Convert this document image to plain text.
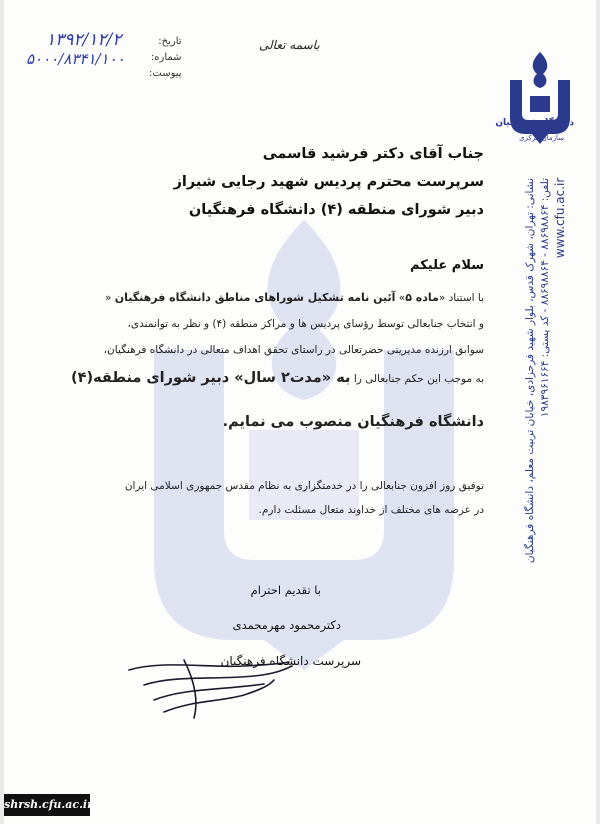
تاریخ:
شماره:
پیوست:
۱۳۹۲/۱۲/۲
۵۰۰۰/۸۳۴۱/۱۰۰
باسمه تعالی
دانشگاه فرهنگیان
سازمان مرکزی
نشانی: تهران، شهرک قدس، بلوار شهید فرحزادی، خیابان تربیت معلم، دانشگاه فرهنگیان تلفن: ۸۸۶۹۸۸۶۴ - ۸۸۶۹۸۸۶۴ - کد پستی: ۱۹۸۳۹۶۱۶۶۴ www.cfu.ac.ir
جناب آقای دکتر فرشید قاسمی
سرپرست محترم پردیس شهید رجایی شیراز
دبیر شورای منطقه (۴) دانشگاه فرهنگیان
سلام علیکم
با استناد «ماده ۵» آئین نامه تشکیل شوراهای مناطق دانشگاه فرهنگیان «
و انتخاب جنابعالی توسط رؤسای پردیس ها و مراکز منطقه (۴) و نظر به توانمندی،
سوابق ارزنده مدیریتی حضرتعالی در راستای تحقق اهداف متعالی در دانشگاه فرهنگیان،
به موجب این حکم جنابعالی را به «مدت۲ سال» دبیر شورای منطقه(۴)
دانشگاه فرهنگیان منصوب می نمایم.
توفیق روز افزون جنابعالی را در خدمتگزاری به نظام مقدس جمهوری اسلامی ایران
در عرصه های مختلف از خداوند متعال مسئلت دارم.
با تقدیم احترام
دکترمحمود مهرمحمدی
سرپرست دانشگاه فرهنگیان
shrsh.cfu.ac.ir
